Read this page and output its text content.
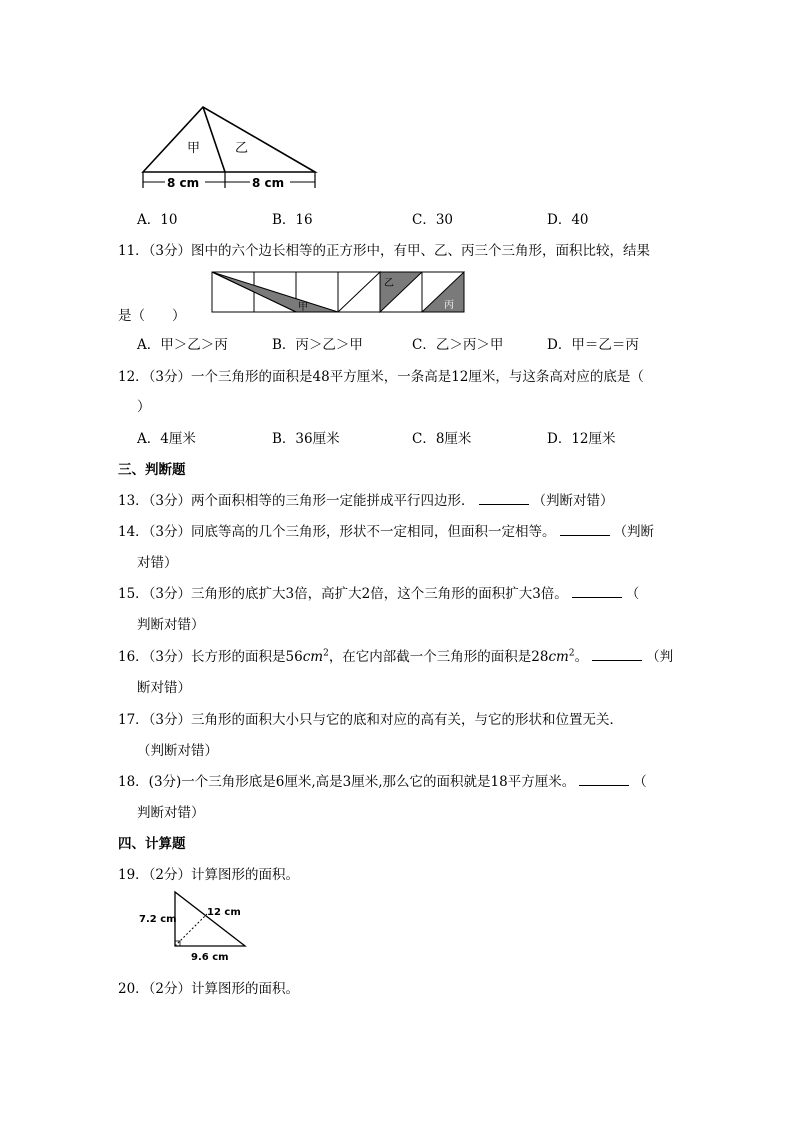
甲	乙
8 cm	8 cm
A．10	B．16	C．30	D．40
11．（3分）图中的六个边长相等的正方形中，有甲、乙、丙三个三角形，面积比较，结果
甲
乙
丙
是（　　）
A．甲＞乙＞丙	B．丙＞乙＞甲	C．乙＞丙＞甲	D．甲＝乙＝丙
12．（3分）一个三角形的面积是48平方厘米，一条高是12厘米，与这条高对应的底是（
）
A．4厘米	B．36厘米	C．8厘米	D．12厘米
三、判断题
13．（3分）两个面积相等的三角形一定能拼成平行四边形．	（判断对错）
14．（3分）同底等高的几个三角形，形状不一定相同，但面积一定相等。	（判断
对错）
15．（3分）三角形的底扩大3倍，高扩大2倍，这个三角形的面积扩大3倍。	（
判断对错）
16．（3分）长方形的面积是$56cm^2$，在它内部截一个三角形的面积是$28cm^2$。	（判
断对错）
17．（3分）三角形的面积大小只与它的底和对应的高有关，与它的形状和位置无关．
（判断对错）
18．(3分)一个三角形底是6厘米,高是3厘米,那么它的面积就是18平方厘米。	（
判断对错）
四、计算题
19．（2分）计算图形的面积。
7.2 cm
12 cm
9.6 cm
20．（2分）计算图形的面积。
